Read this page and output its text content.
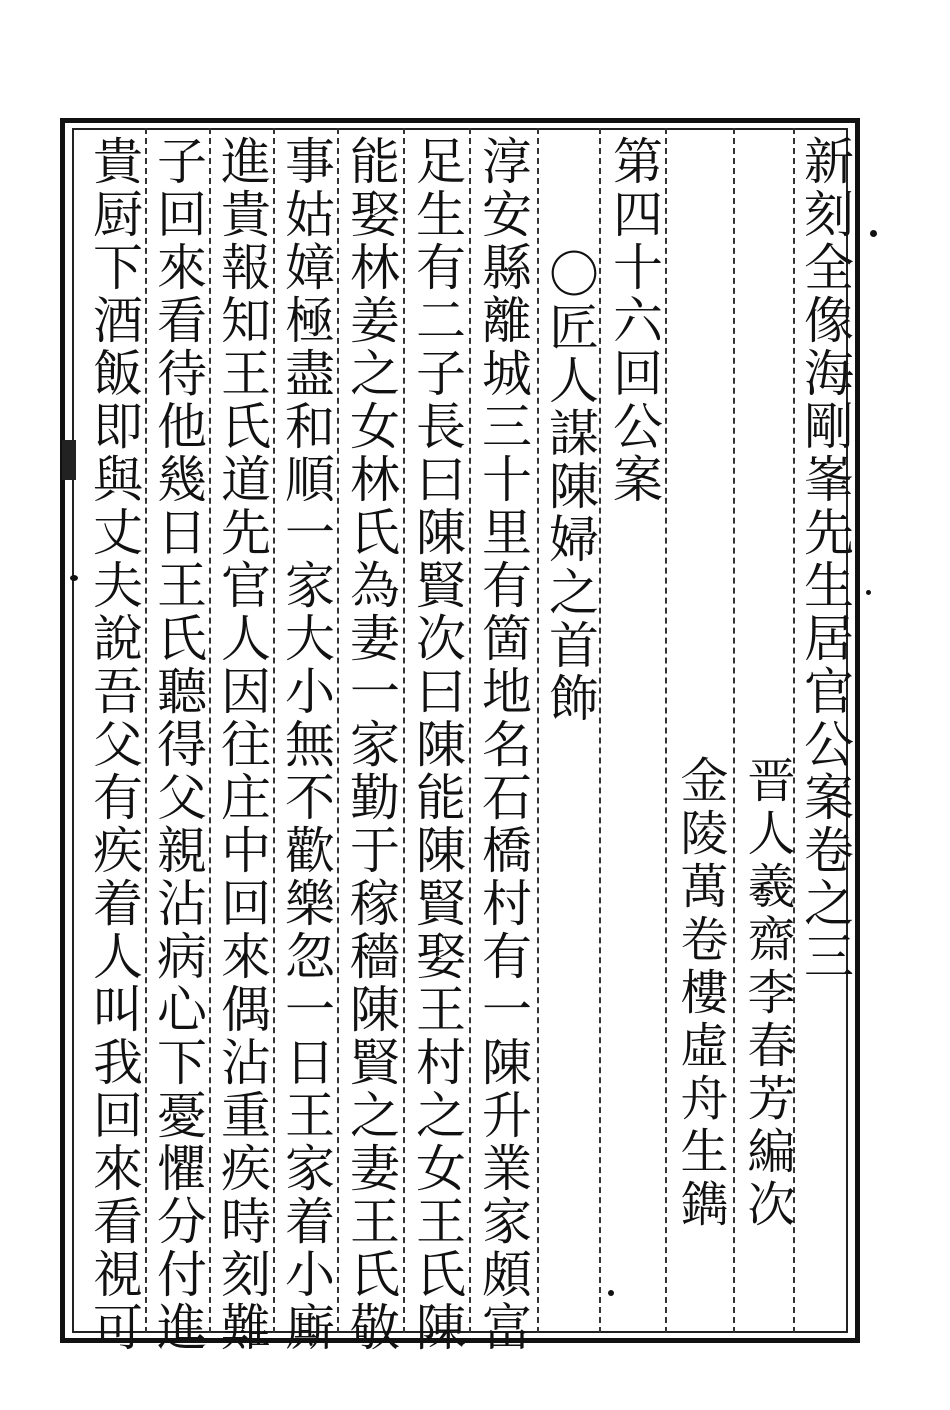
新刻全像海剛峯先生居官公案卷之三
晋人羲齋李春芳編次
金陵萬卷樓虛舟生鐫
第四十六回公案
〇匠人謀陳婦之首飾
淳安縣離城三十里有箇地名石橋村有一陳升業家頗富
足生有二子長曰陳賢次曰陳能陳賢娶王村之女王氏陳
能娶林姜之女林氏為妻一家勤于稼穡陳賢之妻王氏敬
事姑嫜極盡和順一家大小無不歡樂忽一日王家着小廝
進貴報知王氏道先官人因往庄中回來偶沾重疾時刻難
子回來看待他幾日王氏聽得父親沾病心下憂懼分付進
貴厨下酒飯即與丈夫說吾父有疾着人叫我回來看視可
